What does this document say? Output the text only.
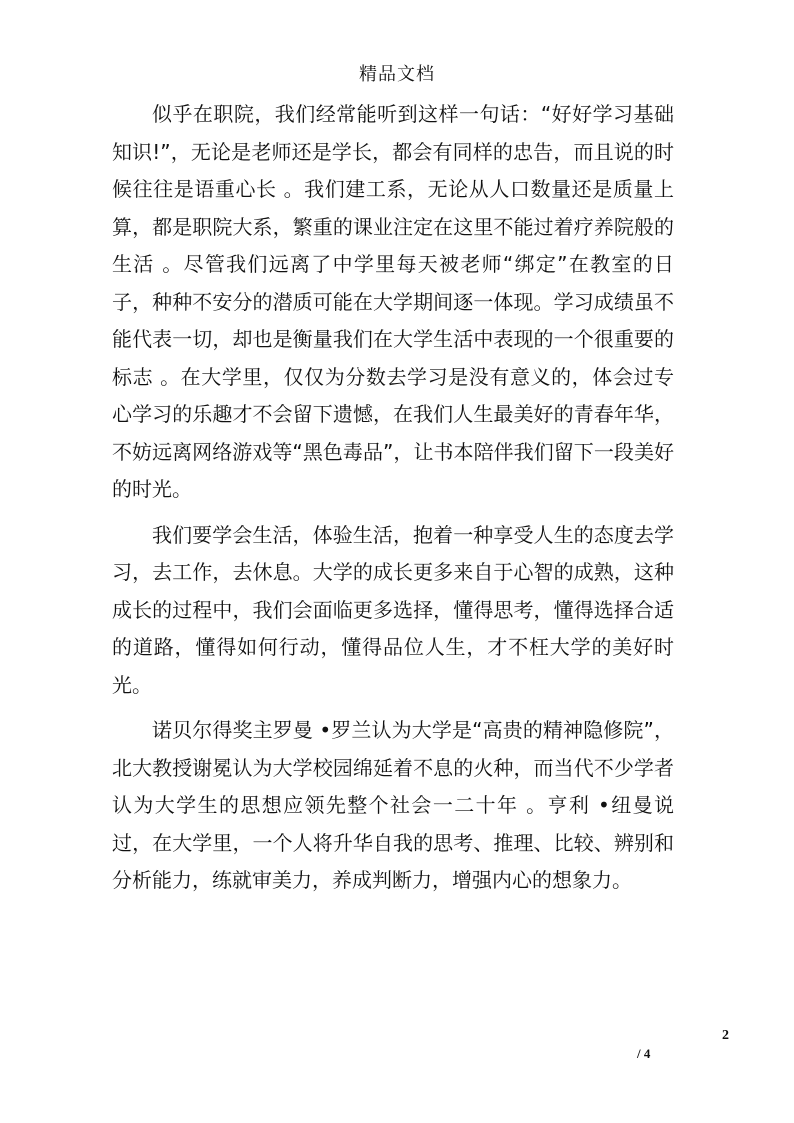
精品文档

似乎在职院，我们经常能听到这样一句话：“好好学习基础知识!”，无论是老师还是学长，都会有同样的忠告，而且说的时候往往是语重心长 。我们建工系，无论从人口数量还是质量上算，都是职院大系，繁重的课业注定在这里不能过着疗养院般的生活 。尽管我们远离了中学里每天被老师“绑定”在教室的日子，种种不安分的潜质可能在大学期间逐一体现。学习成绩虽不能代表一切，却也是衡量我们在大学生活中表现的一个很重要的标志 。在大学里，仅仅为分数去学习是没有意义的，体会过专心学习的乐趣才不会留下遗憾，在我们人生最美好的青春年华，不妨远离网络游戏等“黑色毒品”，让书本陪伴我们留下一段美好的时光。

我们要学会生活，体验生活，抱着一种享受人生的态度去学习，去工作，去休息。大学的成长更多来自于心智的成熟，这种成长的过程中，我们会面临更多选择，懂得思考，懂得选择合适的道路，懂得如何行动，懂得品位人生，才不枉大学的美好时光。

诺贝尔得奖主罗曼 •罗兰认为大学是“高贵的精神隐修院”，北大教授谢冕认为大学校园绵延着不息的火种，而当代不少学者认为大学生的思想应领先整个社会一二十年 。亨利 •纽曼说过，在大学里，一个人将升华自我的思考、推理、比较、辨别和分析能力，练就审美力，养成判断力，增强内心的想象力。

2
/ 4
